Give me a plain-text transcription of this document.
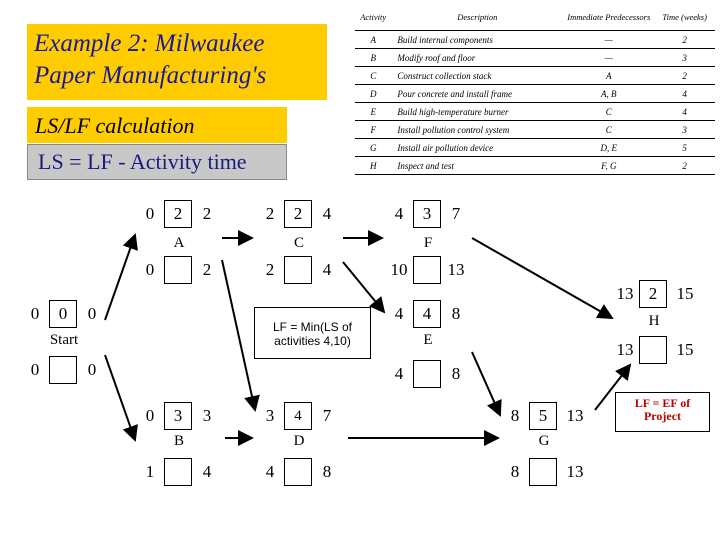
Example 2: Milwaukee
Paper Manufacturing's
LS/LF calculation
LS = LF - Activity time
Activity	Description	Immediate Predecessors	Time (weeks)
A	Build internal components	—	2
B	Modify roof and floor	—	3
C	Construct collection stack	A	2
D	Pour concrete and install frame	A, B	4
E	Build high-temperature burner	C	4
F	Install pollution control system	C	3
G	Install air pollution device	D, E	5
H	Inspect and test	F, G	2
0	0	0
Start
0	0
0	2	2
A
0	2
0	3	3
B
1	4
2	2	4
C
2	4
3	4	7
D
4	8
4	3	7
F
10	13
4	4	8
E
4	8
8	5	13
G
8	13
13 2	15
H
13	15
LF = Min(LS of activities 4,10)
LF = EF of Project
